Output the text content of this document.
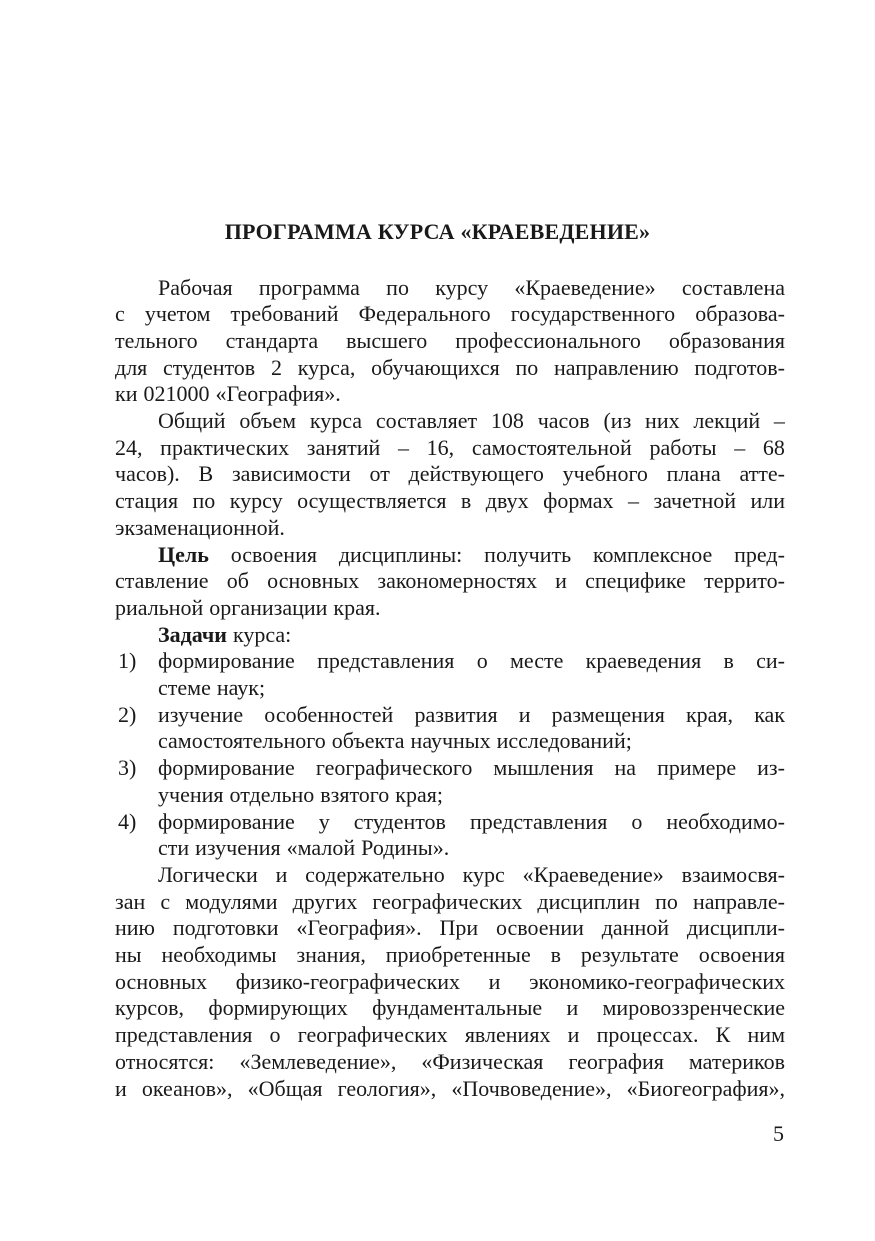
ПРОГРАММА КУРСА «КРАЕВЕДЕНИЕ»
Рабочая программа по курсу «Краеведение» составлена
с учетом требований Федерального государственного образова-
тельного стандарта высшего профессионального образования
для студентов 2 курса, обучающихся по направлению подготов-
ки 021000 «География».
Общий объем курса составляет 108 часов (из них лекций –
24, практических занятий – 16, самостоятельной работы – 68
часов). В зависимости от действующего учебного плана атте-
стация по курсу осуществляется в двух формах – зачетной или
экзаменационной.
Цель освоения дисциплины: получить комплексное пред-
ставление об основных закономерностях и специфике террито-
риальной организации края.
Задачи курса:
1) формирование представления о месте краеведения в си-
стеме наук;
2) изучение особенностей развития и размещения края, как
самостоятельного объекта научных исследований;
3) формирование географического мышления на примере из-
учения отдельно взятого края;
4) формирование у студентов представления о необходимо-
сти изучения «малой Родины».
Логически и содержательно курс «Краеведение» взаимосвя-
зан с модулями других географических дисциплин по направле-
нию подготовки «География». При освоении данной дисципли-
ны необходимы знания, приобретенные в результате освоения
основных физико-географических и экономико-географических
курсов, формирующих фундаментальные и мировоззренческие
представления о географических явлениях и процессах. К ним
относятся: «Землеведение», «Физическая география материков
и океанов», «Общая геология», «Почвоведение», «Биогеография»,
5
